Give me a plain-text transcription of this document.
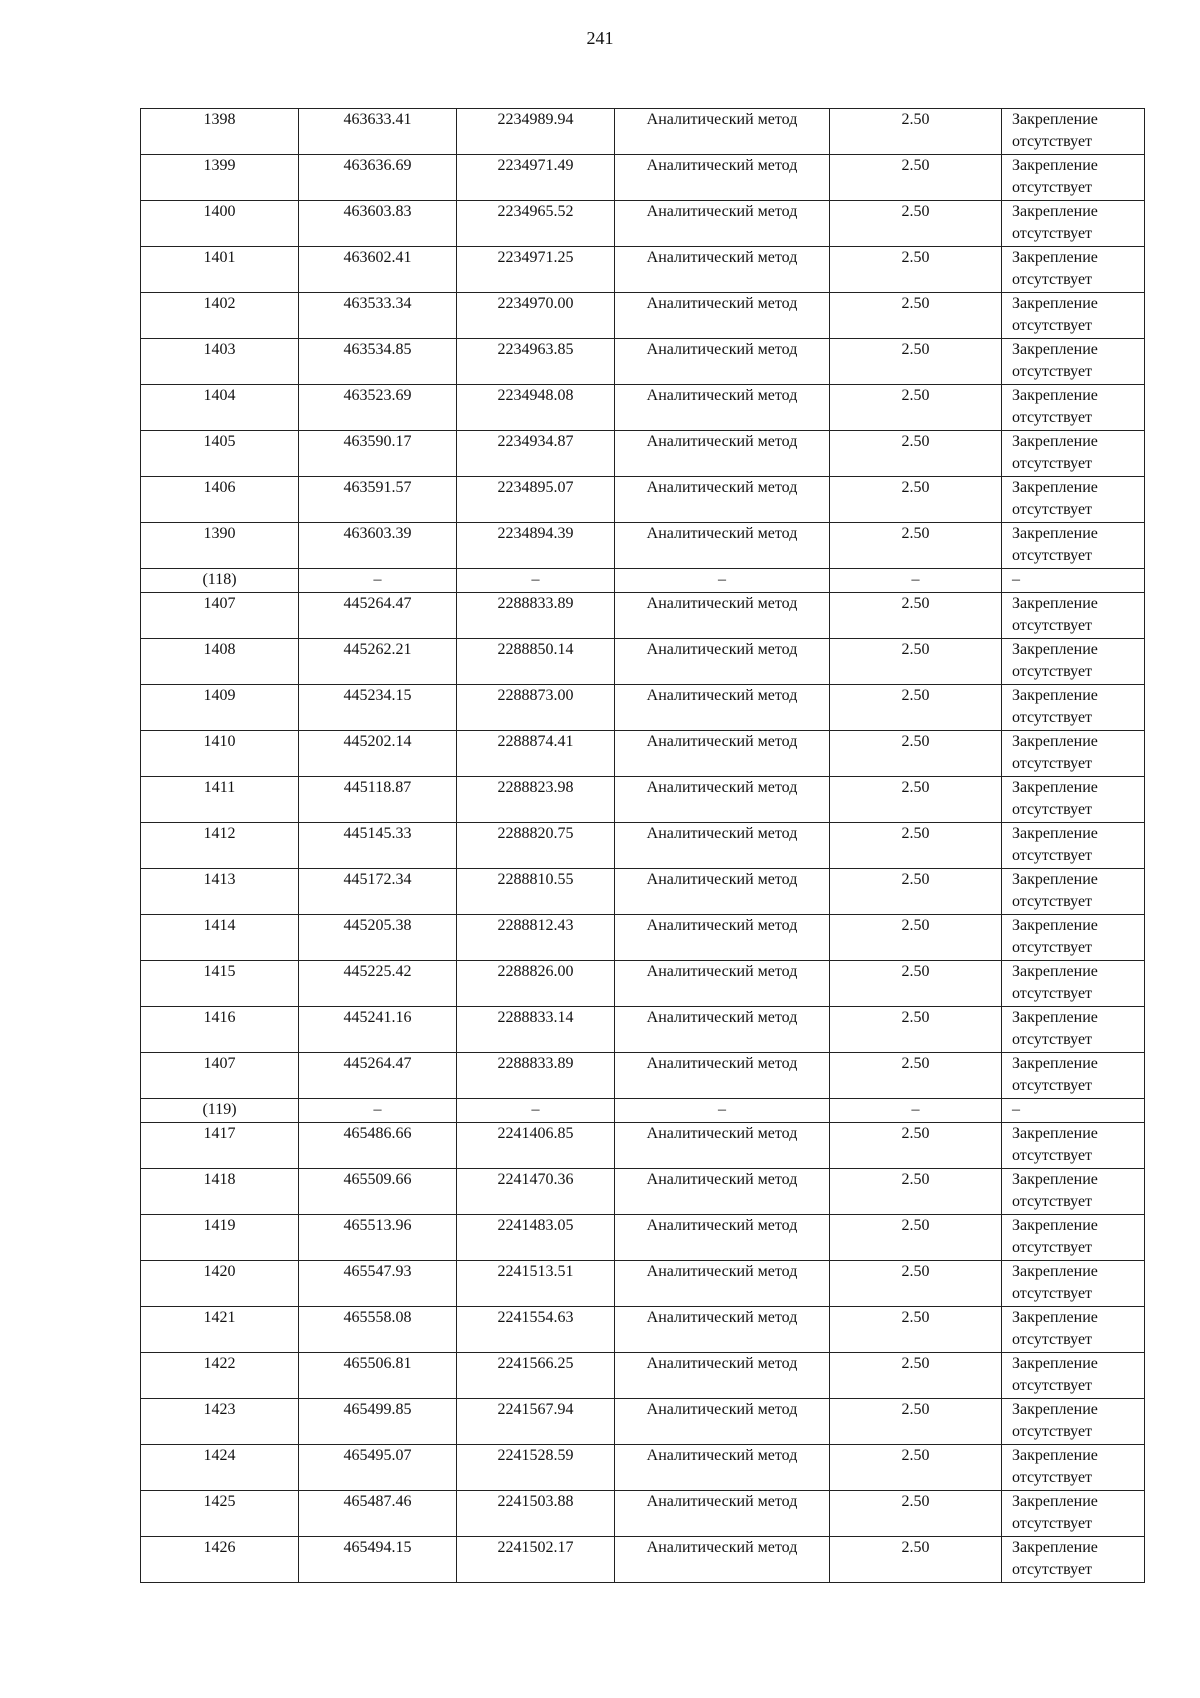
241
1398	463633.41	2234989.94	Аналитический метод	2.50	Закрепление
отсутствует

1399	463636.69	2234971.49	Аналитический метод	2.50	Закрепление
отсутствует

1400	463603.83	2234965.52	Аналитический метод	2.50	Закрепление
отсутствует

1401	463602.41	2234971.25	Аналитический метод	2.50	Закрепление
отсутствует

1402	463533.34	2234970.00	Аналитический метод	2.50	Закрепление
отсутствует

1403	463534.85	2234963.85	Аналитический метод	2.50	Закрепление
отсутствует

1404	463523.69	2234948.08	Аналитический метод	2.50	Закрепление
отсутствует

1405	463590.17	2234934.87	Аналитический метод	2.50	Закрепление
отсутствует

1406	463591.57	2234895.07	Аналитический метод	2.50	Закрепление
отсутствует

1390	463603.39	2234894.39	Аналитический метод	2.50	Закрепление
отсутствует

(118)	–	–	–	–	–
1407	445264.47	2288833.89	Аналитический метод	2.50	Закрепление
отсутствует

1408	445262.21	2288850.14	Аналитический метод	2.50	Закрепление
отсутствует

1409	445234.15	2288873.00	Аналитический метод	2.50	Закрепление
отсутствует

1410	445202.14	2288874.41	Аналитический метод	2.50	Закрепление
отсутствует

1411	445118.87	2288823.98	Аналитический метод	2.50	Закрепление
отсутствует

1412	445145.33	2288820.75	Аналитический метод	2.50	Закрепление
отсутствует

1413	445172.34	2288810.55	Аналитический метод	2.50	Закрепление
отсутствует

1414	445205.38	2288812.43	Аналитический метод	2.50	Закрепление
отсутствует

1415	445225.42	2288826.00	Аналитический метод	2.50	Закрепление
отсутствует

1416	445241.16	2288833.14	Аналитический метод	2.50	Закрепление
отсутствует

1407	445264.47	2288833.89	Аналитический метод	2.50	Закрепление
отсутствует

(119)	–	–	–	–	–
1417	465486.66	2241406.85	Аналитический метод	2.50	Закрепление
отсутствует

1418	465509.66	2241470.36	Аналитический метод	2.50	Закрепление
отсутствует

1419	465513.96	2241483.05	Аналитический метод	2.50	Закрепление
отсутствует

1420	465547.93	2241513.51	Аналитический метод	2.50	Закрепление
отсутствует

1421	465558.08	2241554.63	Аналитический метод	2.50	Закрепление
отсутствует

1422	465506.81	2241566.25	Аналитический метод	2.50	Закрепление
отсутствует

1423	465499.85	2241567.94	Аналитический метод	2.50	Закрепление
отсутствует

1424	465495.07	2241528.59	Аналитический метод	2.50	Закрепление
отсутствует

1425	465487.46	2241503.88	Аналитический метод	2.50	Закрепление
отсутствует

1426	465494.15	2241502.17	Аналитический метод	2.50	Закрепление
отсутствует
